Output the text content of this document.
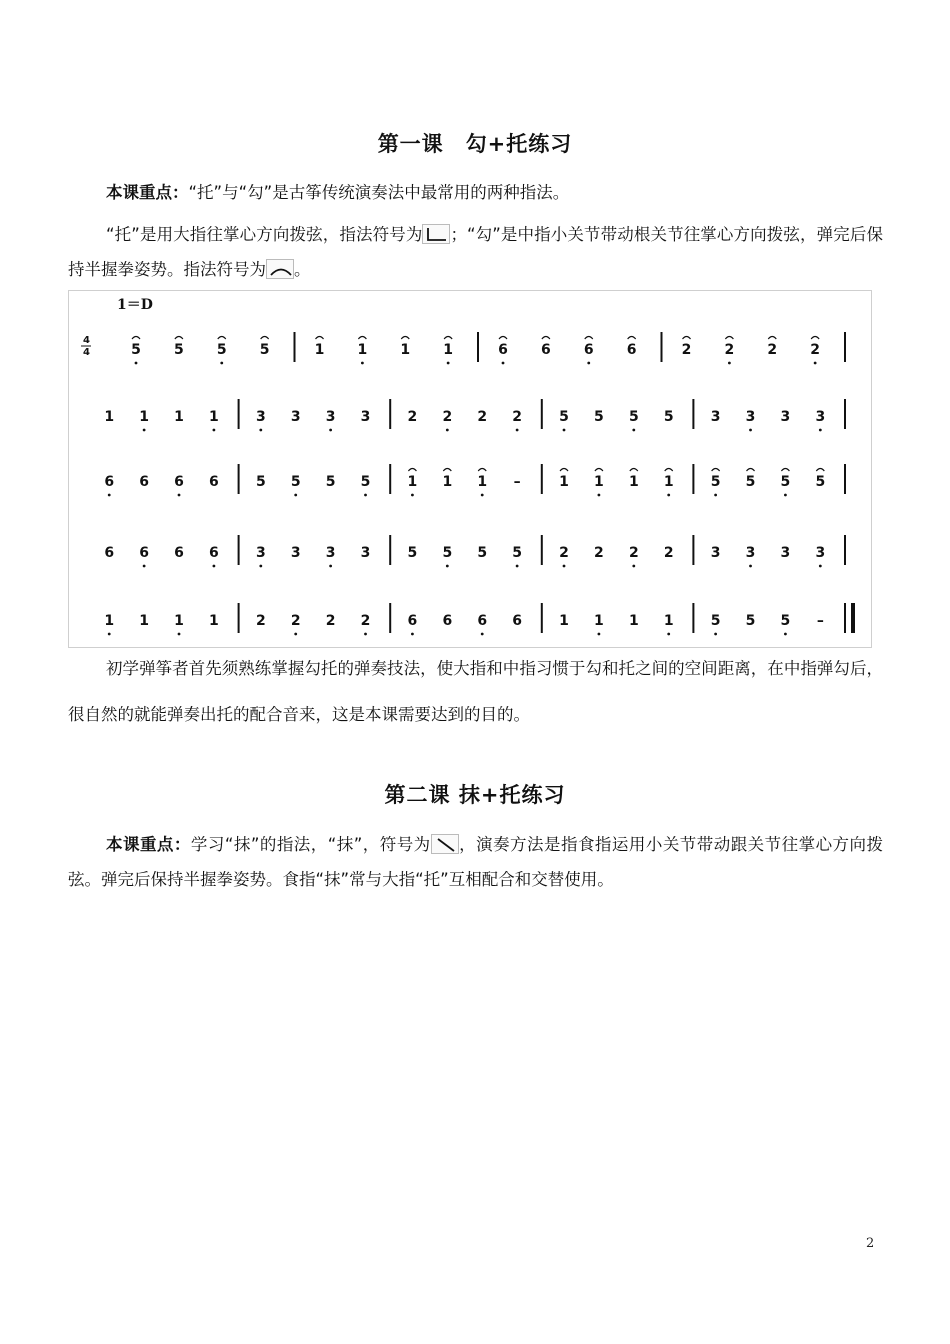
第一课　勾+托练习

本课重点：“托”与“勾”是古筝传统演奏法中最常用的两种指法。

“托”是用大指往掌心方向拨弦，指法符号为 ；“勾”是中指小关节带动根关节往掌心方向拨弦，弹完后保持半握拳姿势。指法符号为 。

1＝D
4
4	5 5 5 5	1 1 1 1	6 6 6 6	2 2 2 2
1 1 1 1	3 3 3 3	2 2 2 2	5 5 5 5	3 3 3 3
6 6 6 6	5 5 5 5	1 1 1 –	1 1 1 1	5 5 5 5
6 6 6 6	3 3 3 3	5 5 5 5	2 2 2 2	3 3 3 3
1 1 1 1	2 2 2 2	6 6 6 6	1 1 1 1	5 5 5 –

初学弹筝者首先须熟练掌握勾托的弹奏技法，使大指和中指习惯于勾和托之间的空间距离，在中指弹勾后，很自然的就能弹奏出托的配合音来，这是本课需要达到的目的。

第二课 抹+托练习

本课重点：学习“抹”的指法，“抹”，符号为 ，演奏方法是指食指运用小关节带动跟关节往掌心方向拨弦。弹完后保持半握拳姿势。食指“抹”常与大指“托”互相配合和交替使用。

2
